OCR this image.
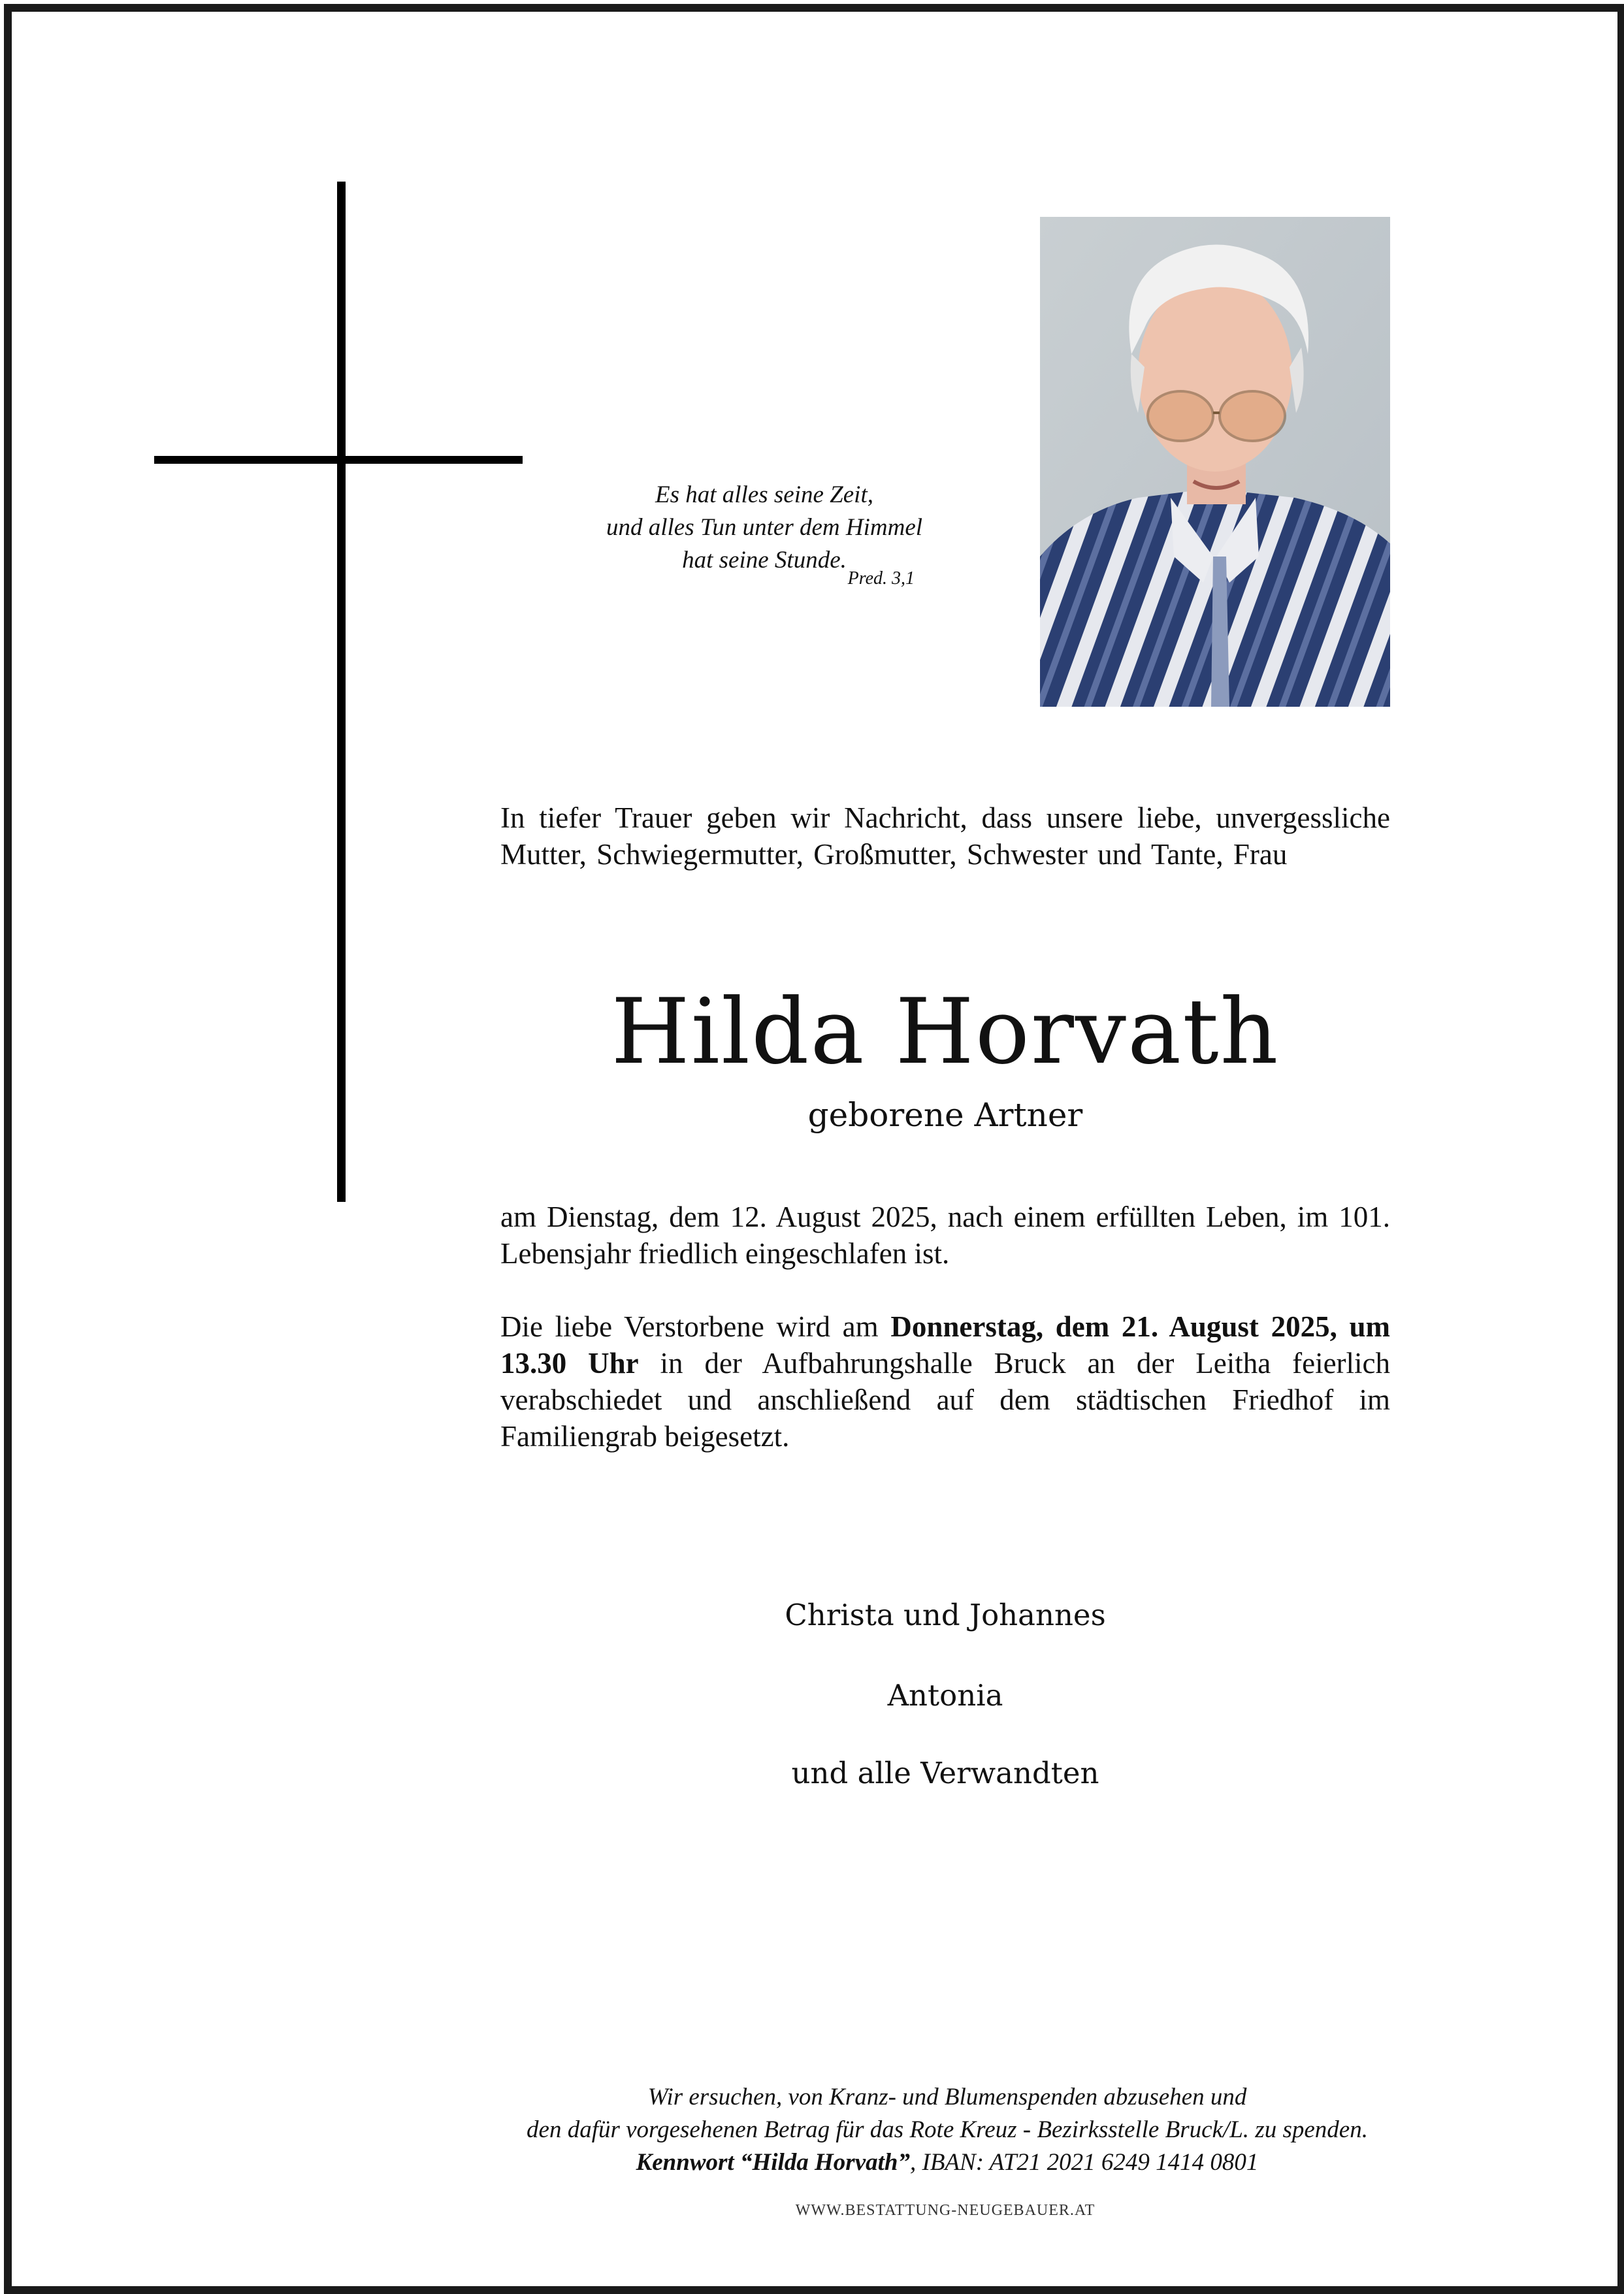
Es hat alles seine Zeit,
und alles Tun unter dem Himmel
hat seine Stunde.
Pred. 3,1
In tiefer Trauer geben wir Nachricht, dass unsere liebe, unvergessliche Mutter, Schwiegermutter, Großmutter, Schwester und Tante, Frau
Hilda Horvath
geborene Artner
am Dienstag, dem 12. August 2025, nach einem erfüllten Leben, im 101. Lebensjahr friedlich eingeschlafen ist.
Die liebe Verstorbene wird am Donnerstag, dem 21. August 2025, um 13.30 Uhr in der Aufbahrungshalle Bruck an der Leitha feierlich verabschiedet und anschließend auf dem städtischen Friedhof im Familiengrab beigesetzt.
Christa und Johannes
Antonia
und alle Verwandten
Wir ersuchen, von Kranz- und Blumenspenden abzusehen und
den dafür vorgesehenen Betrag für das Rote Kreuz - Bezirksstelle Bruck/L. zu spenden.
Kennwort “Hilda Horvath”, IBAN: AT21 2021 6249 1414 0801
WWW.BESTATTUNG-NEUGEBAUER.AT
